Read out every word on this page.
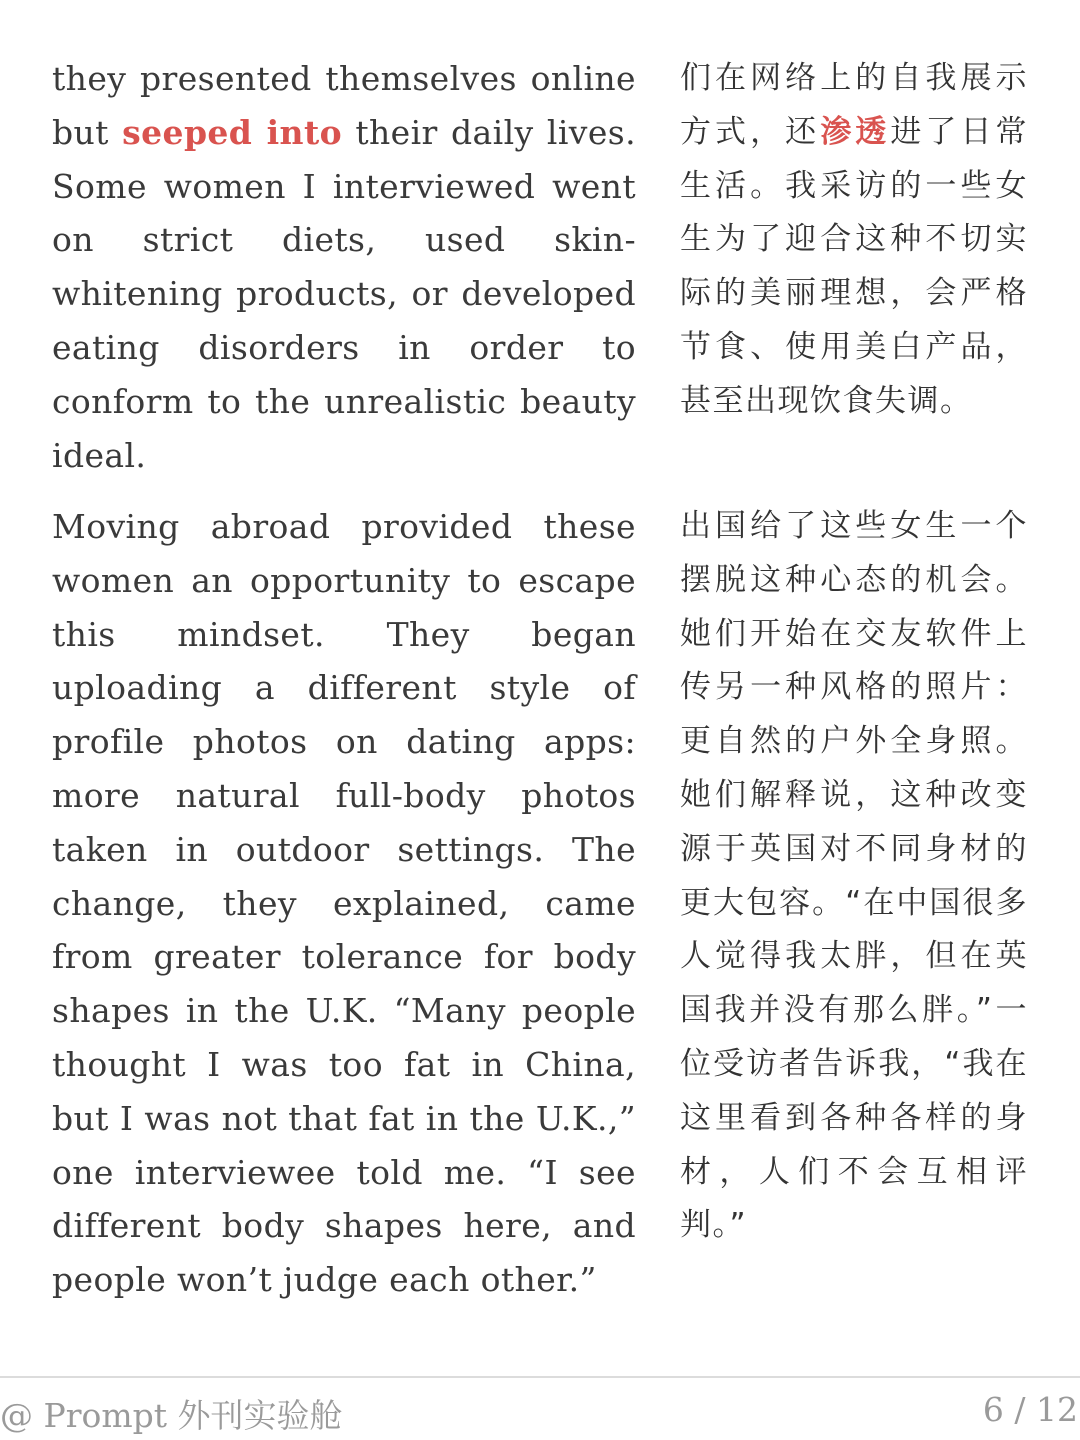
they presented themselves online but seeped into their daily lives. Some women I interviewed went on strict diets, used skin-whitening products, or developed eating disorders in order to conform to the unrealistic beauty ideal.
们在网络上的自我展示方式，还渗透进了日常生活。我采访的一些女生为了迎合这种不切实际的美丽理想，会严格节食、使用美白产品，甚至出现饮食失调。
Moving abroad provided these women an opportunity to escape this mindset. They began uploading a different style of profile photos on dating apps: more natural full-body photos taken in outdoor settings. The change, they explained, came from greater tolerance for body shapes in the U.K. “Many people thought I was too fat in China, but I was not that fat in the U.K.,” one interviewee told me. “I see different body shapes here, and people won’t judge each other.”
出国给了这些女生一个摆脱这种心态的机会。她们开始在交友软件上传另一种风格的照片：更自然的户外全身照。她们解释说，这种改变源于英国对不同身材的更大包容。“在中国很多人觉得我太胖，但在英国我并没有那么胖。”一位受访者告诉我，“我在这里看到各种各样的身材，人们不会互相评判。”
@ Prompt 外刊实验舱	6 / 12
